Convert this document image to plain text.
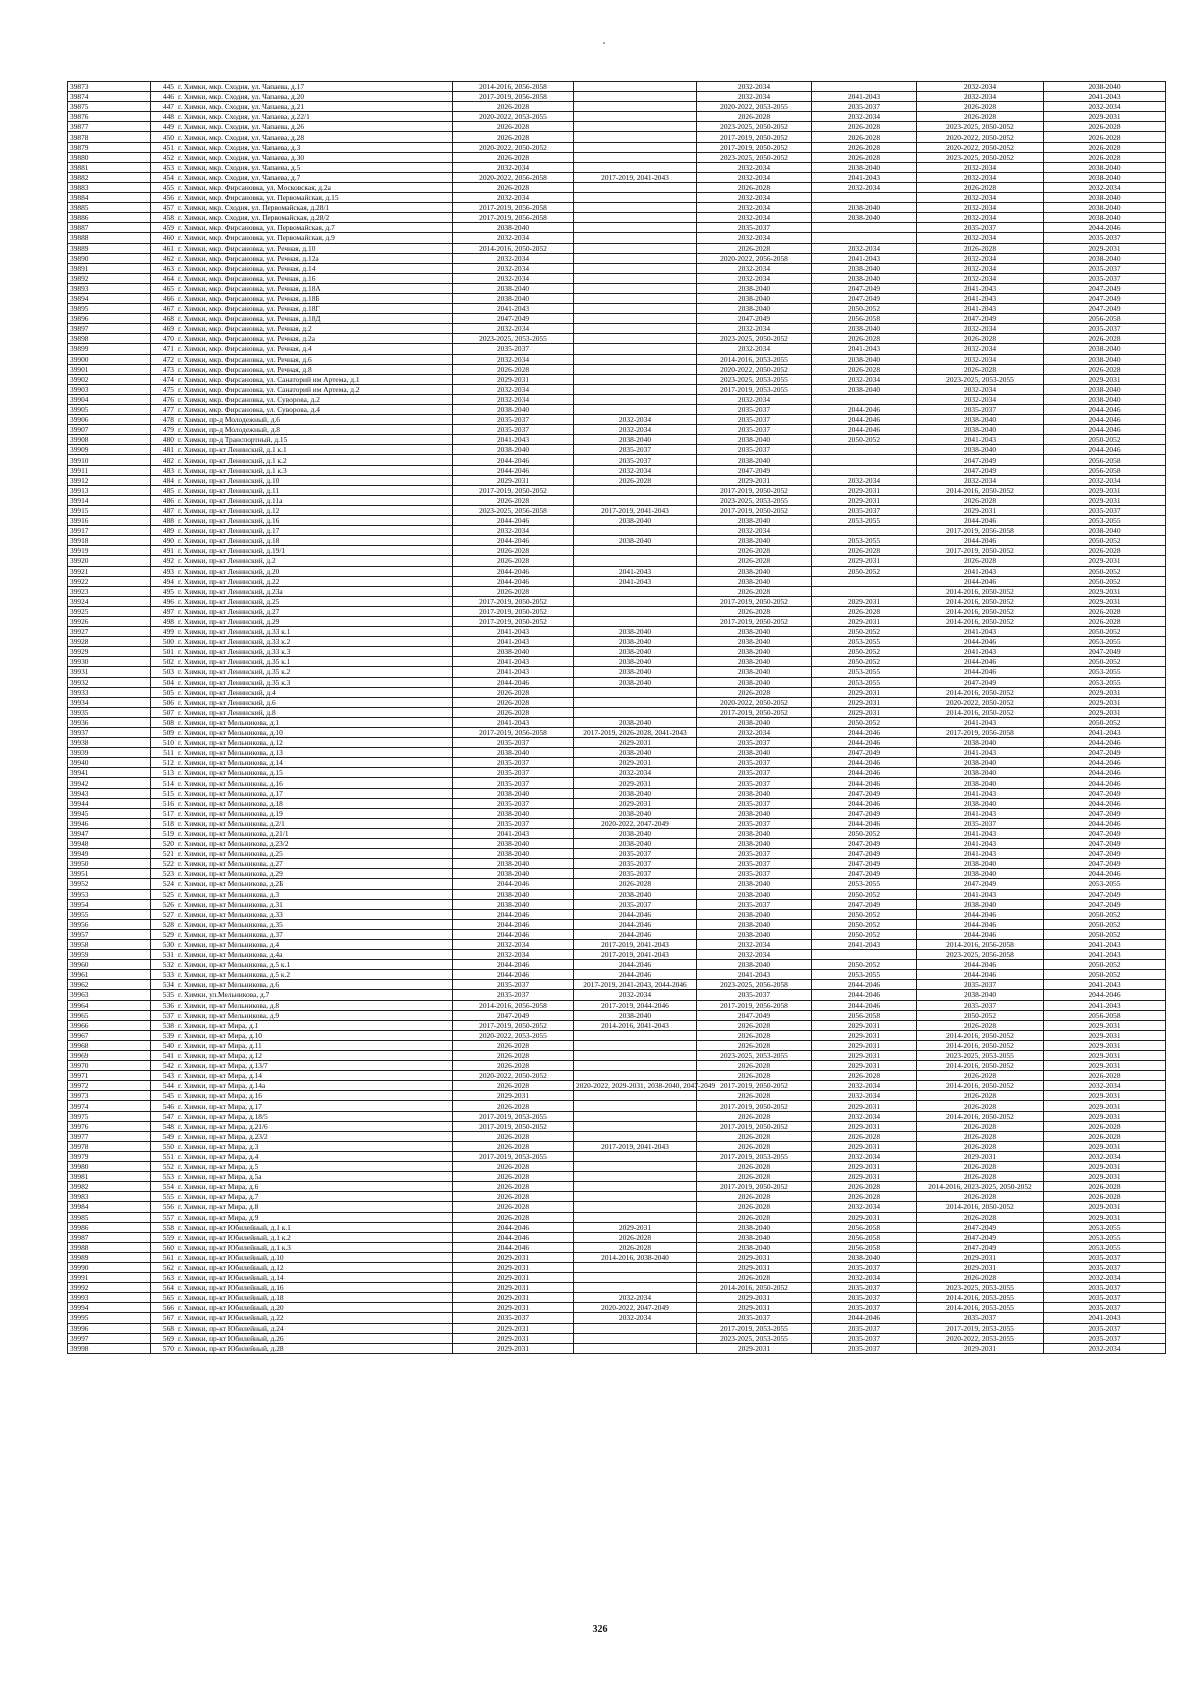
39873	445	г. Химки, мкр. Сходня, ул. Чапаева, д.17	2014-2016, 2056-2058		2032-2034		2032-2034	2038-2040
39874	446	г. Химки, мкр. Сходня, ул. Чапаева, д.20	2017-2019, 2056-2058		2032-2034	2041-2043	2032-2034	2041-2043
39875	447	г. Химки, мкр. Сходня, ул. Чапаева, д.21	2026-2028		2020-2022, 2053-2055	2035-2037	2026-2028	2032-2034
39876	448	г. Химки, мкр. Сходня, ул. Чапаева, д.22/1	2020-2022, 2053-2055		2026-2028	2032-2034	2026-2028	2029-2031
39877	449	г. Химки, мкр. Сходня, ул. Чапаева, д.26	2026-2028		2023-2025, 2050-2052	2026-2028	2023-2025, 2050-2052	2026-2028
39878	450	г. Химки, мкр. Сходня, ул. Чапаева, д.28	2026-2028		2017-2019, 2050-2052	2026-2028	2020-2022, 2050-2052	2026-2028
39879	451	г. Химки, мкр. Сходня, ул. Чапаева, д.3	2020-2022, 2050-2052		2017-2019, 2050-2052	2026-2028	2020-2022, 2050-2052	2026-2028
39880	452	г. Химки, мкр. Сходня, ул. Чапаева, д.30	2026-2028		2023-2025, 2050-2052	2026-2028	2023-2025, 2050-2052	2026-2028
39881	453	г. Химки, мкр. Сходня, ул. Чапаева, д.5	2032-2034		2032-2034	2038-2040	2032-2034	2038-2040
39882	454	г. Химки, мкр. Сходня, ул. Чапаева, д.7	2020-2022, 2056-2058	2017-2019, 2041-2043	2032-2034	2041-2043	2032-2034	2038-2040
39883	455	г. Химки, мкр. Фирсановка, ул. Московская, д.2а	2026-2028		2026-2028	2032-2034	2026-2028	2032-2034
39884	456	г. Химки, мкр. Фирсановка, ул. Первомайская, д.15	2032-2034		2032-2034		2032-2034	2038-2040
39885	457	г. Химки, мкр. Сходня, ул. Первомайская, д.28/1	2017-2019, 2056-2058		2032-2034	2038-2040	2032-2034	2038-2040
39886	458	г. Химки, мкр. Сходня, ул. Первомайская, д.28/2	2017-2019, 2056-2058		2032-2034	2038-2040	2032-2034	2038-2040
39887	459	г. Химки, мкр. Фирсановка, ул. Первомайская, д.7	2038-2040		2035-2037		2035-2037	2044-2046
39888	460	г. Химки, мкр. Фирсановка, ул. Первомайская, д.9	2032-2034		2032-2034		2032-2034	2035-2037
39889	461	г. Химки, мкр. Фирсановка, ул. Речная, д.10	2014-2016, 2050-2052		2026-2028	2032-2034	2026-2028	2029-2031
39890	462	г. Химки, мкр. Фирсановка, ул. Речная, д.12а	2032-2034		2020-2022, 2056-2058	2041-2043	2032-2034	2038-2040
39891	463	г. Химки, мкр. Фирсановка, ул. Речная, д.14	2032-2034		2032-2034	2038-2040	2032-2034	2035-2037
39892	464	г. Химки, мкр. Фирсановка, ул. Речная, д.16	2032-2034		2032-2034	2038-2040	2032-2034	2035-2037
39893	465	г. Химки, мкр. Фирсановка, ул. Речная, д.18А	2038-2040		2038-2040	2047-2049	2041-2043	2047-2049
39894	466	г. Химки, мкр. Фирсановка, ул. Речная, д.18Б	2038-2040		2038-2040	2047-2049	2041-2043	2047-2049
39895	467	г. Химки, мкр. Фирсановка, ул. Речная, д.18Г	2041-2043		2038-2040	2050-2052	2041-2043	2047-2049
39896	468	г. Химки, мкр. Фирсановка, ул. Речная, д.18Д	2047-2049		2047-2049	2056-2058	2047-2049	2056-2058
39897	469	г. Химки, мкр. Фирсановка, ул. Речная, д.2	2032-2034		2032-2034	2038-2040	2032-2034	2035-2037
39898	470	г. Химки, мкр. Фирсановка, ул. Речная, д.2а	2023-2025, 2053-2055		2023-2025, 2050-2052	2026-2028	2026-2028	2026-2028
39899	471	г. Химки, мкр. Фирсановка, ул. Речная, д.4	2035-2037		2032-2034	2041-2043	2032-2034	2038-2040
39900	472	г. Химки, мкр. Фирсановка, ул. Речная, д.6	2032-2034		2014-2016, 2053-2055	2038-2040	2032-2034	2038-2040
39901	473	г. Химки, мкр. Фирсановка, ул. Речная, д.8	2026-2028		2020-2022, 2050-2052	2026-2028	2026-2028	2026-2028
39902	474	г. Химки, мкр. Фирсановка, ул. Санаторий им Артема, д.1	2029-2031		2023-2025, 2053-2055	2032-2034	2023-2025, 2053-2055	2029-2031
39903	475	г. Химки, мкр. Фирсановка, ул. Санаторий им Артема, д.2	2032-2034		2017-2019, 2053-2055	2038-2040	2032-2034	2038-2040
39904	476	г. Химки, мкр. Фирсановка, ул. Суворова, д.2	2032-2034		2032-2034		2032-2034	2038-2040
39905	477	г. Химки, мкр. Фирсановка, ул. Суворова, д.4	2038-2040		2035-2037	2044-2046	2035-2037	2044-2046
39906	478	г. Химки, пр-д Молодежный, д.6	2035-2037	2032-2034	2035-2037	2044-2046	2038-2040	2044-2046
39907	479	г. Химки, пр-д Молодежный, д.8	2035-2037	2032-2034	2035-2037	2044-2046	2038-2040	2044-2046
39908	480	г. Химки, пр-д Транспортный, д.15	2041-2043	2038-2040	2038-2040	2050-2052	2041-2043	2050-2052
39909	481	г. Химки, пр-кт Ленинский, д.1 к.1	2038-2040	2035-2037	2035-2037		2038-2040	2044-2046
39910	482	г. Химки, пр-кт Ленинский, д.1 к.2	2044-2046	2035-2037	2038-2040		2047-2049	2056-2058
39911	483	г. Химки, пр-кт Ленинский, д.1 к.3	2044-2046	2032-2034	2047-2049		2047-2049	2056-2058
39912	484	г. Химки, пр-кт Ленинский, д.10	2029-2031	2026-2028	2029-2031	2032-2034	2032-2034	2032-2034
39913	485	г. Химки, пр-кт Ленинский, д.11	2017-2019, 2050-2052		2017-2019, 2050-2052	2029-2031	2014-2016, 2050-2052	2029-2031
39914	486	г. Химки, пр-кт Ленинский, д.11а	2026-2028		2023-2025, 2053-2055	2029-2031	2026-2028	2029-2031
39915	487	г. Химки, пр-кт Ленинский, д.12	2023-2025, 2056-2058	2017-2019, 2041-2043	2017-2019, 2050-2052	2035-2037	2029-2031	2035-2037
39916	488	г. Химки, пр-кт Ленинский, д.16	2044-2046	2038-2040	2038-2040	2053-2055	2044-2046	2053-2055
39917	489	г. Химки, пр-кт Ленинский, д.17	2032-2034		2032-2034		2017-2019, 2056-2058	2038-2040
39918	490	г. Химки, пр-кт Ленинский, д.18	2044-2046	2038-2040	2038-2040	2053-2055	2044-2046	2050-2052
39919	491	г. Химки, пр-кт Ленинский, д.19/1	2026-2028		2026-2028	2026-2028	2017-2019, 2050-2052	2026-2028
39920	492	г. Химки, пр-кт Ленинский, д.2	2026-2028		2026-2028	2029-2031	2026-2028	2029-2031
39921	493	г. Химки, пр-кт Ленинский, д.20	2044-2046	2041-2043	2038-2040	2050-2052	2041-2043	2050-2052
39922	494	г. Химки, пр-кт Ленинский, д.22	2044-2046	2041-2043	2038-2040		2044-2046	2050-2052
39923	495	г. Химки, пр-кт Ленинский, д.23а	2026-2028		2026-2028		2014-2016, 2050-2052	2029-2031
39924	496	г. Химки, пр-кт Ленинский, д.25	2017-2019, 2050-2052		2017-2019, 2050-2052	2029-2031	2014-2016, 2050-2052	2029-2031
39925	497	г. Химки, пр-кт Ленинский, д.27	2017-2019, 2050-2052		2026-2028	2026-2028	2014-2016, 2050-2052	2026-2028
39926	498	г. Химки, пр-кт Ленинский, д.29	2017-2019, 2050-2052		2017-2019, 2050-2052	2029-2031	2014-2016, 2050-2052	2026-2028
39927	499	г. Химки, пр-кт Ленинский, д.33 к.1	2041-2043	2038-2040	2038-2040	2050-2052	2041-2043	2050-2052
39928	500	г. Химки, пр-кт Ленинский, д.33 к.2	2041-2043	2038-2040	2038-2040	2053-2055	2044-2046	2053-2055
39929	501	г. Химки, пр-кт Ленинский, д.33 к.3	2038-2040	2038-2040	2038-2040	2050-2052	2041-2043	2047-2049
39930	502	г. Химки, пр-кт Ленинский, д.35 к.1	2041-2043	2038-2040	2038-2040	2050-2052	2044-2046	2050-2052
39931	503	г. Химки, пр-кт Ленинский, д.35 к.2	2041-2043	2038-2040	2038-2040	2053-2055	2044-2046	2053-2055
39932	504	г. Химки, пр-кт Ленинский, д.35 к.3	2044-2046	2038-2040	2038-2040	2053-2055	2047-2049	2053-2055
39933	505	г. Химки, пр-кт Ленинский, д.4	2026-2028		2026-2028	2029-2031	2014-2016, 2050-2052	2029-2031
39934	506	г. Химки, пр-кт Ленинский, д.6	2026-2028		2020-2022, 2050-2052	2029-2031	2020-2022, 2050-2052	2029-2031
39935	507	г. Химки, пр-кт Ленинский, д.8	2026-2028		2017-2019, 2050-2052	2029-2031	2014-2016, 2050-2052	2029-2031
39936	508	г. Химки, пр-кт Мельникова, д.1	2041-2043	2038-2040	2038-2040	2050-2052	2041-2043	2050-2052
39937	509	г. Химки, пр-кт Мельникова, д.10	2017-2019, 2056-2058	2017-2019, 2026-2028, 2041-2043	2032-2034	2044-2046	2017-2019, 2056-2058	2041-2043
39938	510	г. Химки, пр-кт Мельникова, д.12	2035-2037	2029-2031	2035-2037	2044-2046	2038-2040	2044-2046
39939	511	г. Химки, пр-кт Мельникова, д.13	2038-2040	2038-2040	2038-2040	2047-2049	2041-2043	2047-2049
39940	512	г. Химки, пр-кт Мельникова, д.14	2035-2037	2029-2031	2035-2037	2044-2046	2038-2040	2044-2046
39941	513	г. Химки, пр-кт Мельникова, д.15	2035-2037	2032-2034	2035-2037	2044-2046	2038-2040	2044-2046
39942	514	г. Химки, пр-кт Мельникова, д.16	2035-2037	2029-2031	2035-2037	2044-2046	2038-2040	2044-2046
39943	515	г. Химки, пр-кт Мельникова, д.17	2038-2040	2038-2040	2038-2040	2047-2049	2041-2043	2047-2049
39944	516	г. Химки, пр-кт Мельникова, д.18	2035-2037	2029-2031	2035-2037	2044-2046	2038-2040	2044-2046
39945	517	г. Химки, пр-кт Мельникова, д.19	2038-2040	2038-2040	2038-2040	2047-2049	2041-2043	2047-2049
39946	518	г. Химки, пр-кт Мельникова, д.2/1	2035-2037	2020-2022, 2047-2049	2035-2037	2044-2046	2035-2037	2044-2046
39947	519	г. Химки, пр-кт Мельникова, д.21/1	2041-2043	2038-2040	2038-2040	2050-2052	2041-2043	2047-2049
39948	520	г. Химки, пр-кт Мельникова, д.23/2	2038-2040	2038-2040	2038-2040	2047-2049	2041-2043	2047-2049
39949	521	г. Химки, пр-кт Мельникова, д.25	2038-2040	2035-2037	2035-2037	2047-2049	2041-2043	2047-2049
39950	522	г. Химки, пр-кт Мельникова, д.27	2038-2040	2035-2037	2035-2037	2047-2049	2038-2040	2047-2049
39951	523	г. Химки, пр-кт Мельникова, д.29	2038-2040	2035-2037	2035-2037	2047-2049	2038-2040	2044-2046
39952	524	г. Химки, пр-кт Мельникова, д.2Б	2044-2046	2026-2028	2038-2040	2053-2055	2047-2049	2053-2055
39953	525	г. Химки, пр-кт Мельникова, д.3	2038-2040	2038-2040	2038-2040	2050-2052	2041-2043	2047-2049
39954	526	г. Химки, пр-кт Мельникова, д.31	2038-2040	2035-2037	2035-2037	2047-2049	2038-2040	2047-2049
39955	527	г. Химки, пр-кт Мельникова, д.33	2044-2046	2044-2046	2038-2040	2050-2052	2044-2046	2050-2052
39956	528	г. Химки, пр-кт Мельникова, д.35	2044-2046	2044-2046	2038-2040	2050-2052	2044-2046	2050-2052
39957	529	г. Химки, пр-кт Мельникова, д.37	2044-2046	2044-2046	2038-2040	2050-2052	2044-2046	2050-2052
39958	530	г. Химки, пр-кт Мельникова, д.4	2032-2034	2017-2019, 2041-2043	2032-2034	2041-2043	2014-2016, 2056-2058	2041-2043
39959	531	г. Химки, пр-кт Мельникова, д.4а	2032-2034	2017-2019, 2041-2043	2032-2034		2023-2025, 2056-2058	2041-2043
39960	532	г. Химки, пр-кт Мельникова, д.5 к.1	2044-2046	2044-2046	2038-2040	2050-2052	2044-2046	2050-2052
39961	533	г. Химки, пр-кт Мельникова, д.5 к.2	2044-2046	2044-2046	2041-2043	2053-2055	2044-2046	2050-2052
39962	534	г. Химки, пр-кт Мельникова, д.6	2035-2037	2017-2019, 2041-2043, 2044-2046	2023-2025, 2056-2058	2044-2046	2035-2037	2041-2043
39963	535	г. Химки, ул.Мельникова, д.7	2035-2037	2032-2034	2035-2037	2044-2046	2038-2040	2044-2046
39964	536	г. Химки, пр-кт Мельникова, д.8	2014-2016, 2056-2058	2017-2019, 2044-2046	2017-2019, 2056-2058	2044-2046	2035-2037	2041-2043
39965	537	г. Химки, пр-кт Мельникова, д.9	2047-2049	2038-2040	2047-2049	2056-2058	2050-2052	2056-2058
39966	538	г. Химки, пр-кт Мира, д.1	2017-2019, 2050-2052	2014-2016, 2041-2043	2026-2028	2029-2031	2026-2028	2029-2031
39967	539	г. Химки, пр-кт Мира, д.10	2020-2022, 2053-2055		2026-2028	2029-2031	2014-2016, 2050-2052	2029-2031
39968	540	г. Химки, пр-кт Мира, д.11	2026-2028		2026-2028	2029-2031	2014-2016, 2050-2052	2029-2031
39969	541	г. Химки, пр-кт Мира, д.12	2026-2028		2023-2025, 2053-2055	2029-2031	2023-2025, 2053-2055	2029-2031
39970	542	г. Химки, пр-кт Мира, д.13/7	2026-2028		2026-2028	2029-2031	2014-2016, 2050-2052	2029-2031
39971	543	г. Химки, пр-кт Мира, д.14	2020-2022, 2050-2052		2026-2028	2026-2028	2026-2028	2026-2028
39972	544	г. Химки, пр-кт Мира, д.14а	2026-2028	2020-2022, 2029-2031, 2038-2040, 2047-2049	2017-2019, 2050-2052	2032-2034	2014-2016, 2050-2052	2032-2034
39973	545	г. Химки, пр-кт Мира, д.16	2029-2031		2026-2028	2032-2034	2026-2028	2029-2031
39974	546	г. Химки, пр-кт Мира, д.17	2026-2028		2017-2019, 2050-2052	2029-2031	2026-2028	2029-2031
39975	547	г. Химки, пр-кт Мира, д.18/5	2017-2019, 2053-2055		2026-2028	2032-2034	2014-2016, 2050-2052	2029-2031
39976	548	г. Химки, пр-кт Мира, д.21/6	2017-2019, 2050-2052		2017-2019, 2050-2052	2029-2031	2026-2028	2026-2028
39977	549	г. Химки, пр-кт Мира, д.23/2	2026-2028		2026-2028	2026-2028	2026-2028	2026-2028
39978	550	г. Химки, пр-кт Мира, д.3	2026-2028	2017-2019, 2041-2043	2026-2028	2029-2031	2026-2028	2029-2031
39979	551	г. Химки, пр-кт Мира, д.4	2017-2019, 2053-2055		2017-2019, 2053-2055	2032-2034	2029-2031	2032-2034
39980	552	г. Химки, пр-кт Мира, д.5	2026-2028		2026-2028	2029-2031	2026-2028	2029-2031
39981	553	г. Химки, пр-кт Мира, д.5а	2026-2028		2026-2028	2029-2031	2026-2028	2029-2031
39982	554	г. Химки, пр-кт Мира, д.6	2026-2028		2017-2019, 2050-2052	2026-2028	2014-2016, 2023-2025, 2050-2052	2026-2028
39983	555	г. Химки, пр-кт Мира, д.7	2026-2028		2026-2028	2026-2028	2026-2028	2026-2028
39984	556	г. Химки, пр-кт Мира, д.8	2026-2028		2026-2028	2032-2034	2014-2016, 2050-2052	2029-2031
39985	557	г. Химки, пр-кт Мира, д.9	2026-2028		2026-2028	2029-2031	2026-2028	2029-2031
39986	558	г. Химки, пр-кт Юбилейный, д.1 к.1	2044-2046	2029-2031	2038-2040	2056-2058	2047-2049	2053-2055
39987	559	г. Химки, пр-кт Юбилейный, д.1 к.2	2044-2046	2026-2028	2038-2040	2056-2058	2047-2049	2053-2055
39988	560	г. Химки, пр-кт Юбилейный, д.1 к.3	2044-2046	2026-2028	2038-2040	2056-2058	2047-2049	2053-2055
39989	561	г. Химки, пр-кт Юбилейный, д.10	2029-2031	2014-2016, 2038-2040	2029-2031	2038-2040	2029-2031	2035-2037
39990	562	г. Химки, пр-кт Юбилейный, д.12	2029-2031		2029-2031	2035-2037	2029-2031	2035-2037
39991	563	г. Химки, пр-кт Юбилейный, д.14	2029-2031		2026-2028	2032-2034	2026-2028	2032-2034
39992	564	г. Химки, пр-кт Юбилейный, д.16	2029-2031		2014-2016, 2050-2052	2035-2037	2023-2025, 2053-2055	2035-2037
39993	565	г. Химки, пр-кт Юбилейный, д.18	2029-2031	2032-2034	2029-2031	2035-2037	2014-2016, 2053-2055	2035-2037
39994	566	г. Химки, пр-кт Юбилейный, д.20	2029-2031	2020-2022, 2047-2049	2029-2031	2035-2037	2014-2016, 2053-2055	2035-2037
39995	567	г. Химки, пр-кт Юбилейный, д.22	2035-2037	2032-2034	2035-2037	2044-2046	2035-2037	2041-2043
39996	568	г. Химки, пр-кт Юбилейный, д.24	2029-2031		2017-2019, 2053-2055	2035-2037	2017-2019, 2053-2055	2035-2037
39997	569	г. Химки, пр-кт Юбилейный, д.26	2029-2031		2023-2025, 2053-2055	2035-2037	2020-2022, 2053-2055	2035-2037
39998	570	г. Химки, пр-кт Юбилейный, д.28	2029-2031		2029-2031	2035-2037	2029-2031	2032-2034
326
